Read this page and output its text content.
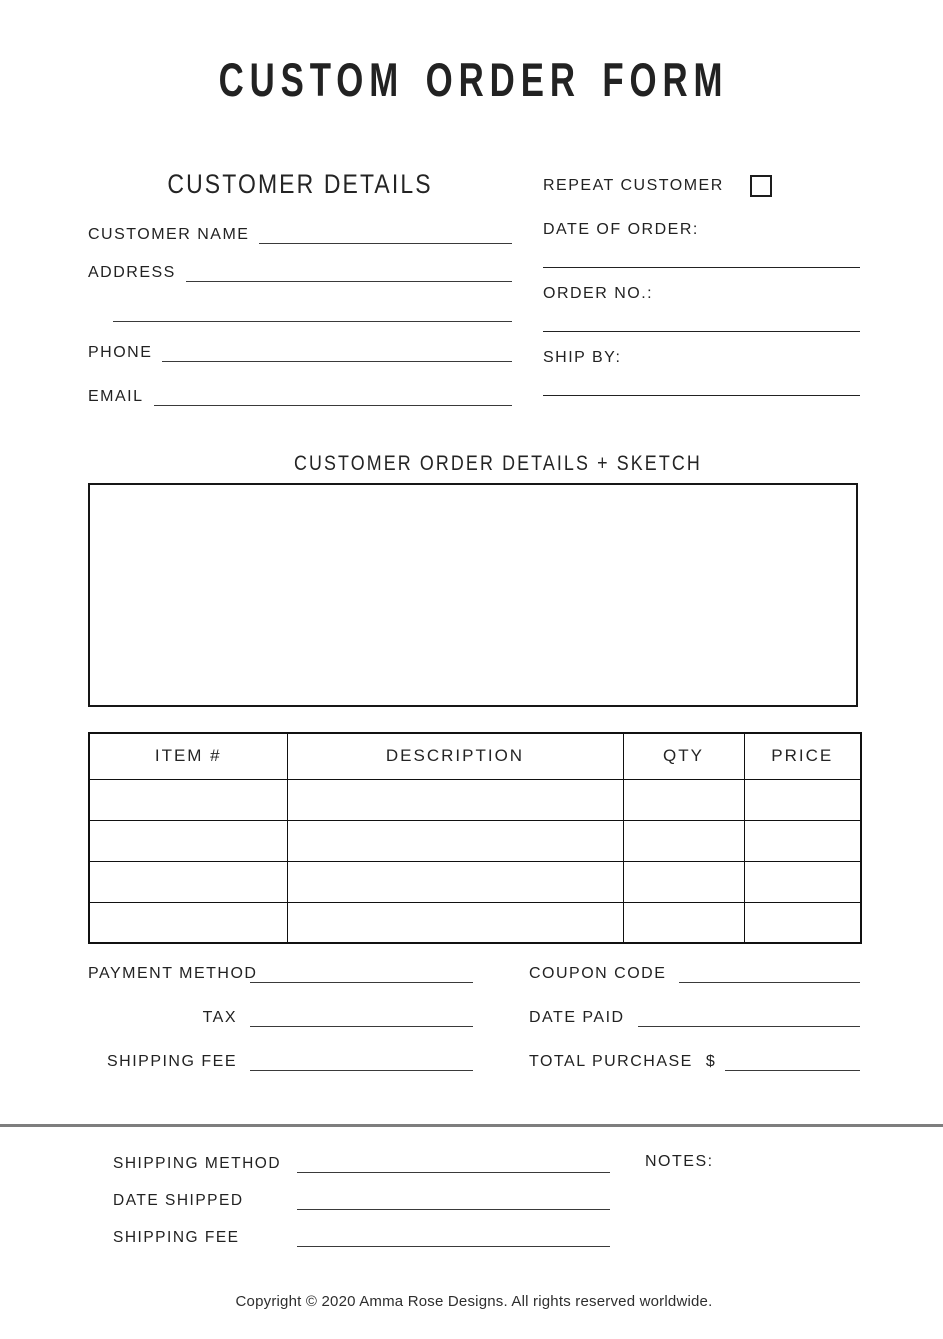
CUSTOM ORDER FORM
CUSTOMER DETAILS
CUSTOMER NAME
ADDRESS
PHONE
EMAIL
REPEAT CUSTOMER
DATE OF ORDER:
ORDER NO.:
SHIP BY:
CUSTOMER ORDER DETAILS + SKETCH
ITEM #	DESCRIPTION	QTY	PRICE

PAYMENT METHOD
TAX
SHIPPING FEE
COUPON CODE
DATE PAID
TOTAL PURCHASE $
SHIPPING METHOD
DATE SHIPPED
SHIPPING FEE
NOTES:
Copyright © 2020 Amma Rose Designs. All rights reserved worldwide.
